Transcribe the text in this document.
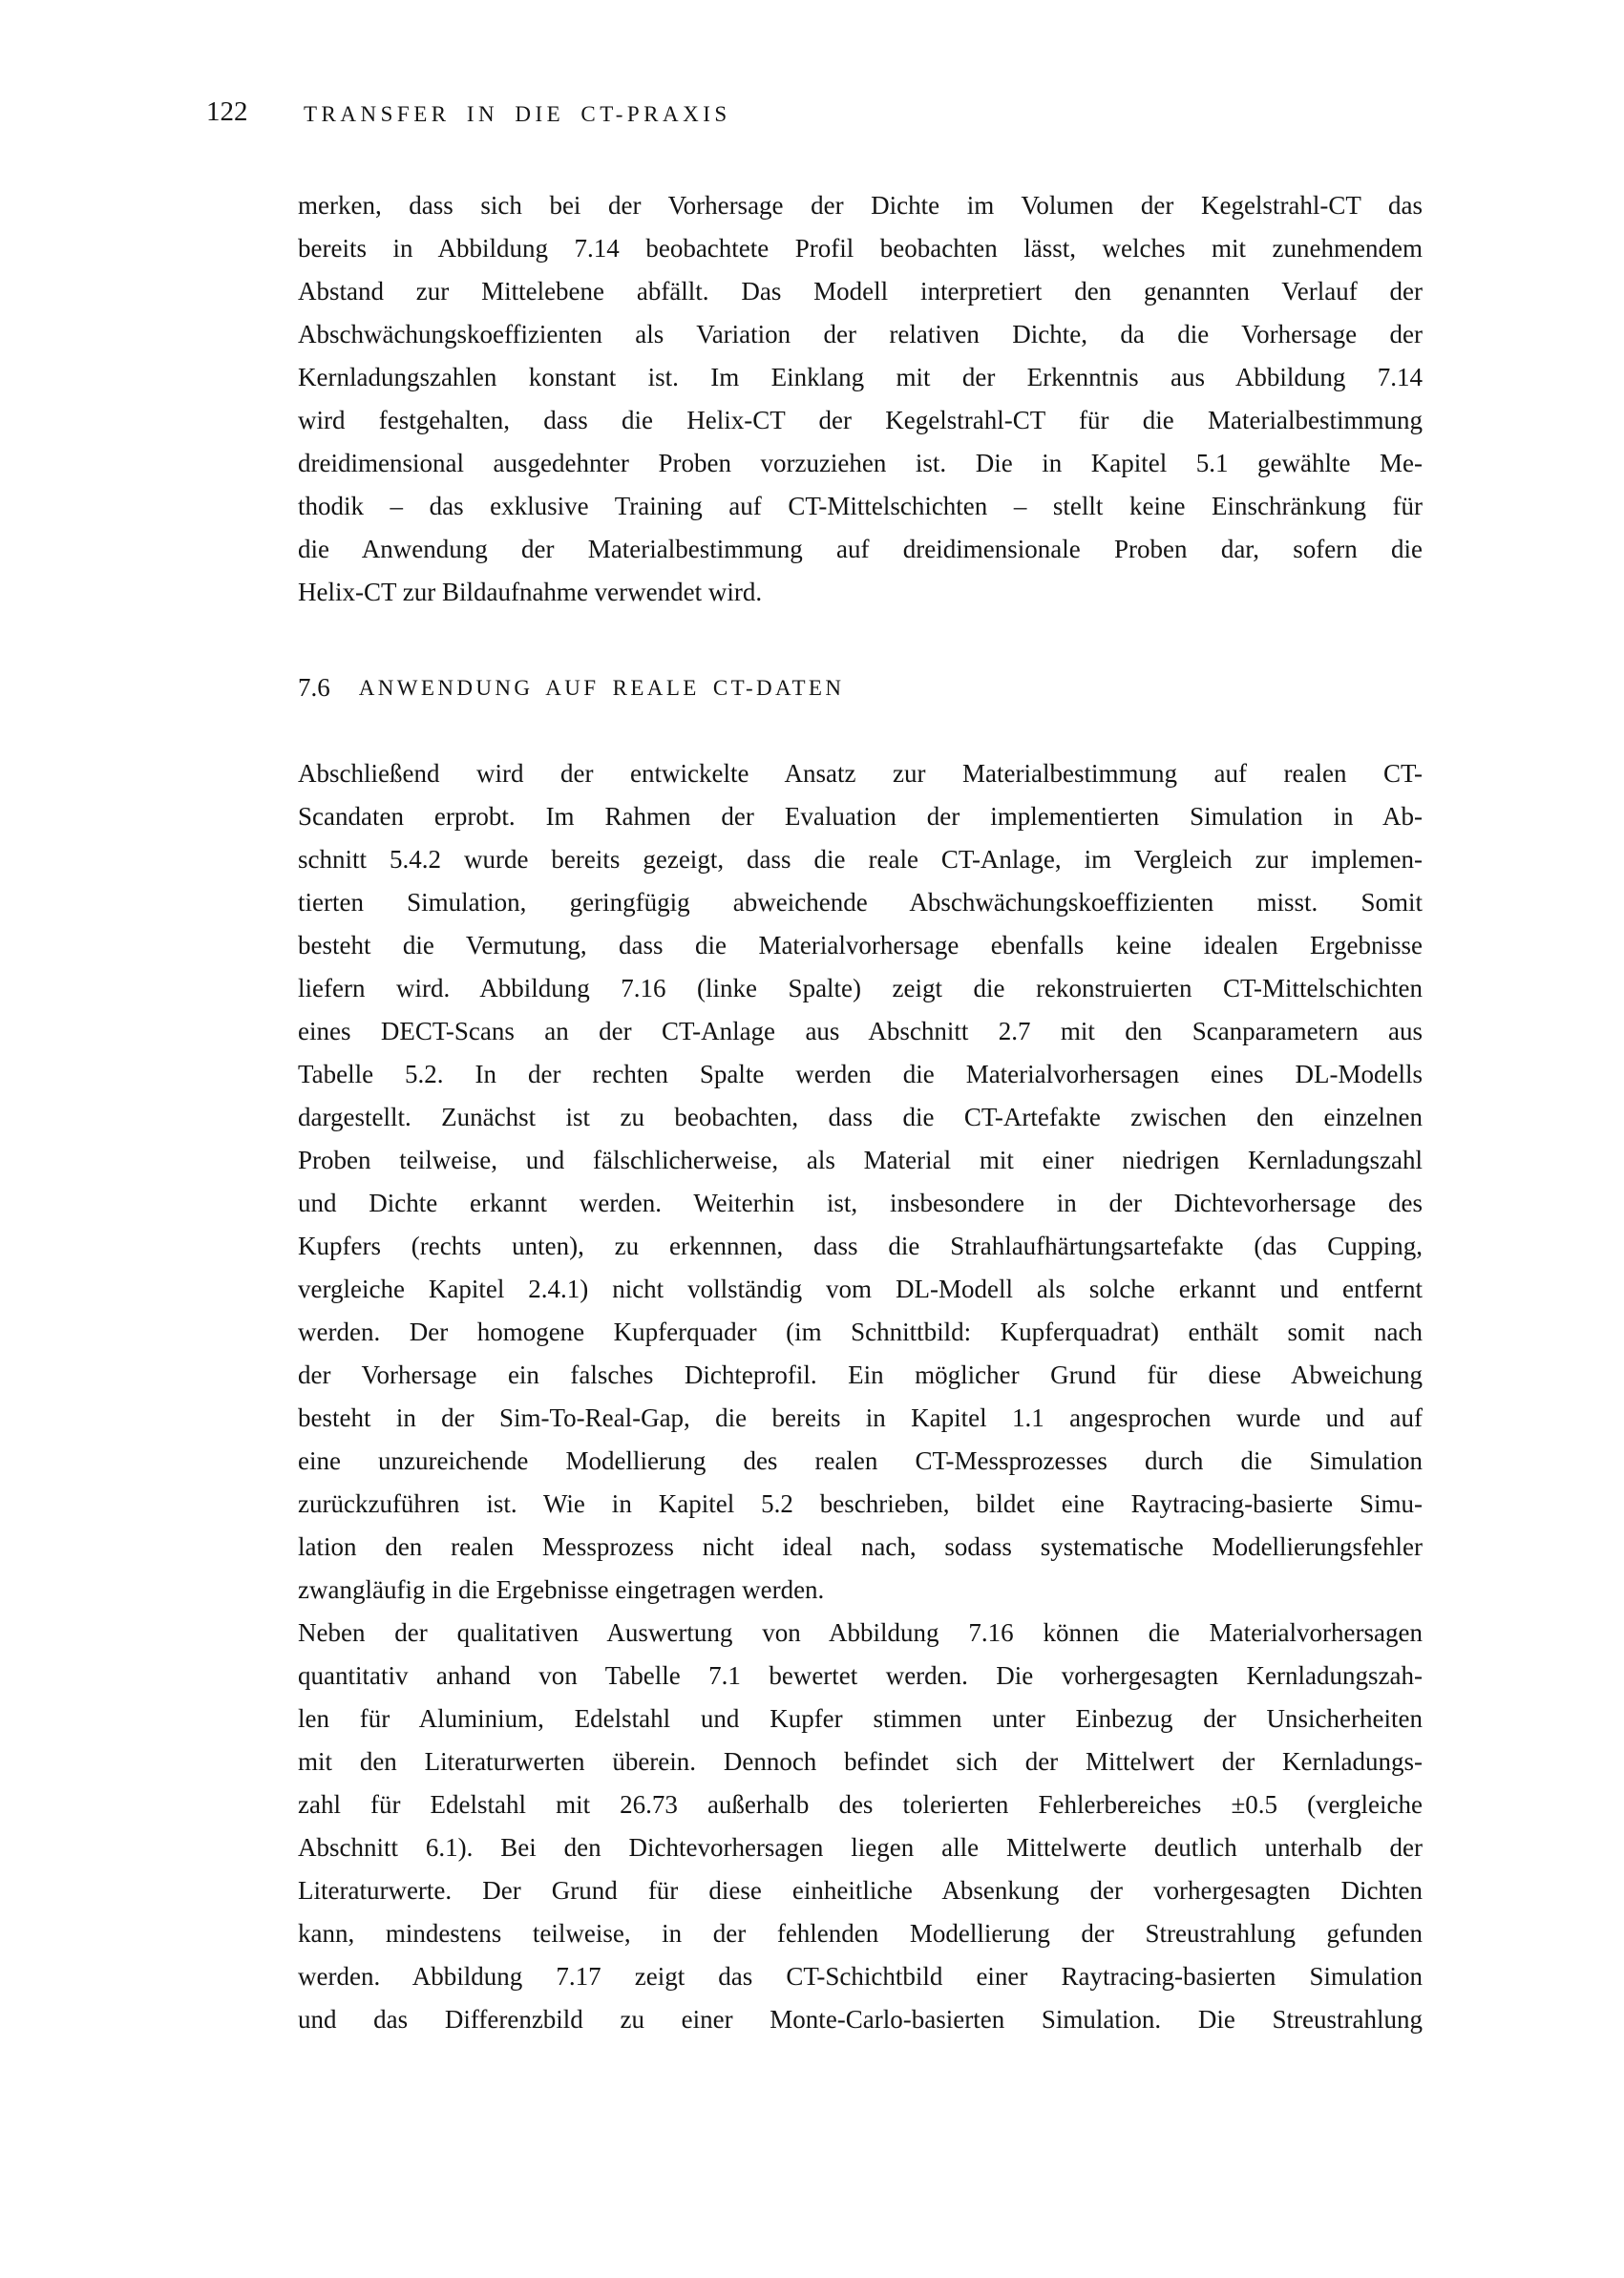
122	TRANSFER IN DIE CT-PRAXIS
merken, dass sich bei der Vorhersage der Dichte im Volumen der Kegelstrahl-CT das
bereits in Abbildung 7.14 beobachtete Profil beobachten lässt, welches mit zunehmendem
Abstand zur Mittelebene abfällt. Das Modell interpretiert den genannten Verlauf der
Abschwächungskoeffizienten als Variation der relativen Dichte, da die Vorhersage der
Kernladungszahlen konstant ist. Im Einklang mit der Erkenntnis aus Abbildung 7.14
wird festgehalten, dass die Helix-CT der Kegelstrahl-CT für die Materialbestimmung
dreidimensional ausgedehnter Proben vorzuziehen ist. Die in Kapitel 5.1 gewählte Me-
thodik – das exklusive Training auf CT-Mittelschichten – stellt keine Einschränkung für
die Anwendung der Materialbestimmung auf dreidimensionale Proben dar, sofern die
Helix-CT zur Bildaufnahme verwendet wird.
7.6 ANWENDUNG AUF REALE CT-DATEN
Abschließend wird der entwickelte Ansatz zur Materialbestimmung auf realen CT-
Scandaten erprobt. Im Rahmen der Evaluation der implementierten Simulation in Ab-
schnitt 5.4.2 wurde bereits gezeigt, dass die reale CT-Anlage, im Vergleich zur implemen-
tierten Simulation, geringfügig abweichende Abschwächungskoeffizienten misst. Somit
besteht die Vermutung, dass die Materialvorhersage ebenfalls keine idealen Ergebnisse
liefern wird. Abbildung 7.16 (linke Spalte) zeigt die rekonstruierten CT-Mittelschichten
eines DECT-Scans an der CT-Anlage aus Abschnitt 2.7 mit den Scanparametern aus
Tabelle 5.2. In der rechten Spalte werden die Materialvorhersagen eines DL-Modells
dargestellt. Zunächst ist zu beobachten, dass die CT-Artefakte zwischen den einzelnen
Proben teilweise, und fälschlicherweise, als Material mit einer niedrigen Kernladungszahl
und Dichte erkannt werden. Weiterhin ist, insbesondere in der Dichtevorhersage des
Kupfers (rechts unten), zu erkennnen, dass die Strahlaufhärtungsartefakte (das Cupping,
vergleiche Kapitel 2.4.1) nicht vollständig vom DL-Modell als solche erkannt und entfernt
werden. Der homogene Kupferquader (im Schnittbild: Kupferquadrat) enthält somit nach
der Vorhersage ein falsches Dichteprofil. Ein möglicher Grund für diese Abweichung
besteht in der Sim-To-Real-Gap, die bereits in Kapitel 1.1 angesprochen wurde und auf
eine unzureichende Modellierung des realen CT-Messprozesses durch die Simulation
zurückzuführen ist. Wie in Kapitel 5.2 beschrieben, bildet eine Raytracing-basierte Simu-
lation den realen Messprozess nicht ideal nach, sodass systematische Modellierungsfehler
zwangläufig in die Ergebnisse eingetragen werden.
Neben der qualitativen Auswertung von Abbildung 7.16 können die Materialvorhersagen
quantitativ anhand von Tabelle 7.1 bewertet werden. Die vorhergesagten Kernladungszah-
len für Aluminium, Edelstahl und Kupfer stimmen unter Einbezug der Unsicherheiten
mit den Literaturwerten überein. Dennoch befindet sich der Mittelwert der Kernladungs-
zahl für Edelstahl mit 26.73 außerhalb des tolerierten Fehlerbereiches ±0.5 (vergleiche
Abschnitt 6.1). Bei den Dichtevorhersagen liegen alle Mittelwerte deutlich unterhalb der
Literaturwerte. Der Grund für diese einheitliche Absenkung der vorhergesagten Dichten
kann, mindestens teilweise, in der fehlenden Modellierung der Streustrahlung gefunden
werden. Abbildung 7.17 zeigt das CT-Schichtbild einer Raytracing-basierten Simulation
und das Differenzbild zu einer Monte-Carlo-basierten Simulation. Die Streustrahlung
